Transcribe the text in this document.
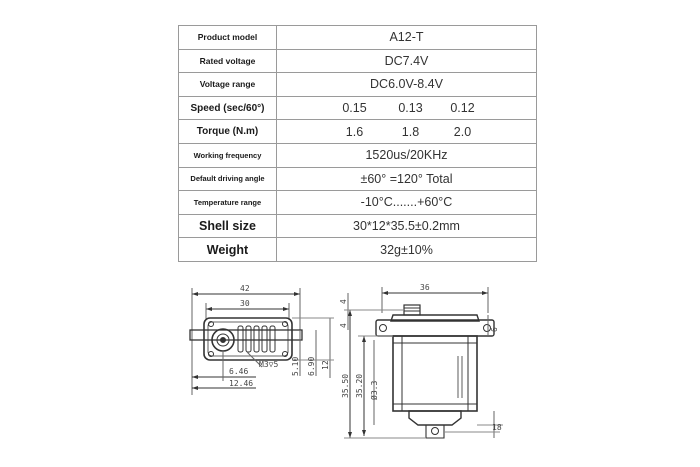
Product model	A12-T
Rated voltage	DC7.4V
Voltage range	DC6.0V-8.4V
Speed (sec/60°)	0.15 0.13 0.12
Torque (N.m)	1.6 1.8 2.0
Working frequency	1520us/20KHz
Default driving angle	±60° =120° Total
Temperature range	-10°C.......+60°C
Shell size	30*12*35.5±0.2mm
Weight	32g±10%
42
30
6.46
12.46
M3▽5 5.10 6.90 12
36
4
4
35.50 35.20 Ø3.3
6
18
